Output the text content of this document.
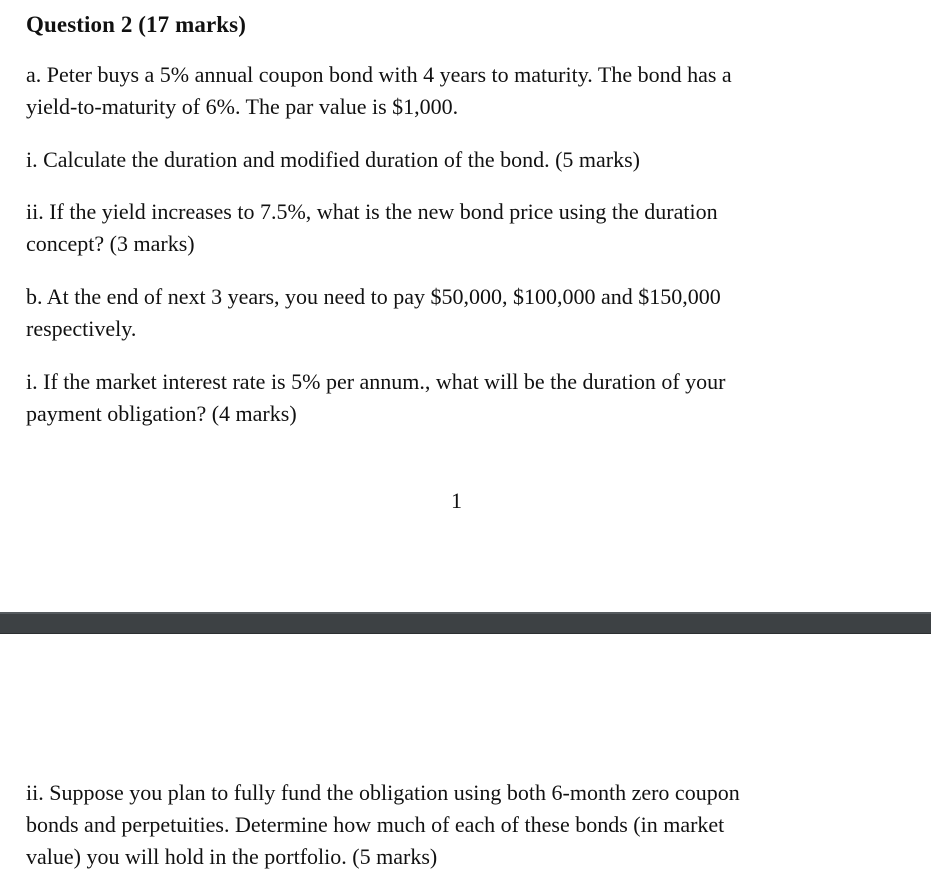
Question 2 (17 marks)

a. Peter buys a 5% annual coupon bond with 4 years to maturity. The bond has a
yield-to-maturity of 6%. The par value is $1,000.

i. Calculate the duration and modified duration of the bond. (5 marks)

ii. If the yield increases to 7.5%, what is the new bond price using the duration
concept? (3 marks)

b. At the end of next 3 years, you need to pay $50,000, $100,000 and $150,000
respectively.

i. If the market interest rate is 5% per annum., what will be the duration of your
payment obligation? (4 marks)

1

ii. Suppose you plan to fully fund the obligation using both 6-month zero coupon
bonds and perpetuities. Determine how much of each of these bonds (in market
value) you will hold in the portfolio. (5 marks)
